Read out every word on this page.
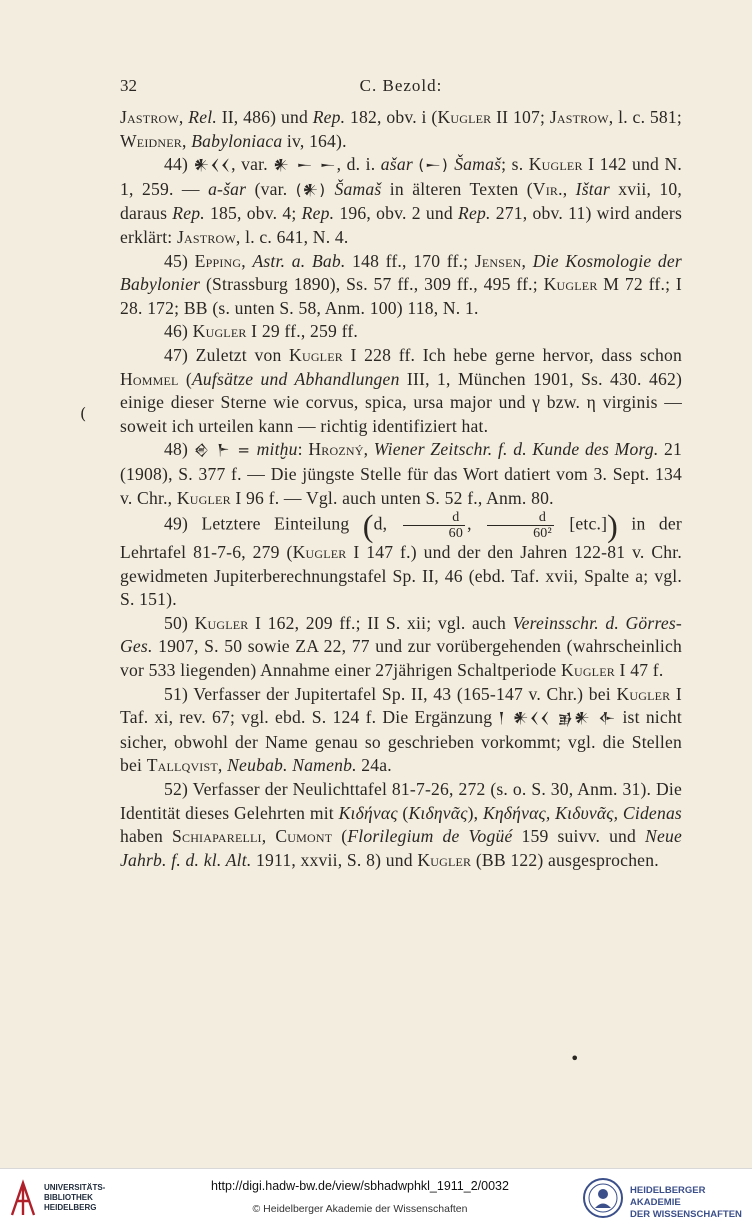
32	C. Bezold:
(

Jastrow, Rel. II, 486) und Rep. 182, obv. i (Kugler II 107; Jastrow, l. c. 581; Weidner, Babyloniaca iv, 164).

44) 𒀭𒌋𒌋, var. 𒀭 𒀸 𒀸, d. i. ašar (𒀸) Šamaš; s. Kugler I 142 und N. 1, 259. — a-šar (var. (𒀭) Šamaš in älteren Texten (Vir., Ištar xvii, 10, daraus Rep. 185, obv. 4; Rep. 196, obv. 2 und Rep. 271, obv. 11) wird anders erklärt: Jastrow, l. c. 641, N. 4.

45) Epping, Astr. a. Bab. 148 ff., 170 ff.; Jensen, Die Kosmologie der Babylonier (Strassburg 1890), Ss. 57 ff., 309 ff., 495 ff.; Kugler M 72 ff.; I 28. 172; BB (s. unten S. 58, Anm. 100) 118, N. 1.

46) Kugler I 29 ff., 259 ff.

47) Zuletzt von Kugler I 228 ff. Ich hebe gerne hervor, dass schon Hommel (Aufsätze und Abhandlungen III, 1, München 1901, Ss. 430. 462) einige dieser Sterne wie corvus, spica, ursa major und γ bzw. η virginis — soweit ich urteilen kann — richtig identifiziert hat.

48) 𒄴 𒈨 = mitḫu: Hrozný, Wiener Zeitschr. f. d. Kunde des Morg. 21 (1908), S. 377 f. — Die jüngste Stelle für das Wort datiert vom 3. Sept. 134 v. Chr., Kugler I 96 f. — Vgl. auch unten S. 52 f., Anm. 80.

49) Letztere Einteilung (d, $\frac{d}{60}$ , $\frac{d}{\text{60²}} [etc.]$) in der Lehrtafel 81-7-6, 279 (Kugler I 147 f.) und der den Jahren 122-81 v. Chr. gewidmeten Jupiterberechnungstafel Sp. II, 46 (ebd. Taf. xvii, Spalte a; vgl. S. 151).

50) Kugler I 162, 209 ff.; II S. xii; vgl. auch Vereinsschr. d. Görres-Ges. 1907, S. 50 sowie ZA 22, 77 und zur vorübergehenden (wahrscheinlich vor 533 liegenden) Annahme einer 27jährigen Schaltperiode Kugler I 47 f.

51) Verfasser der Jupitertafel Sp. II, 43 (165-147 v. Chr.) bei Kugler I Taf. xi, rev. 67; vgl. ebd. S. 124 f. Die Ergänzung 𒁹 𒀭𒌋𒌋 𒂊𒀭 𒅆 ist nicht sicher, obwohl der Name genau so geschrieben vorkommt; vgl. die Stellen bei Tallqvist, Neubab. Namenb. 24a.

52) Verfasser der Neulichttafel 81-7-26, 272 (s. o. S. 30, Anm. 31). Die Identität dieses Gelehrten mit Κιδήνας (Κιδηνᾶς), Κηδήνας, Κιδυνᾶς, Cidenas haben Schiaparelli, Cumont (Florilegium de Vogüé 159 suivv. und Neue Jahrb. f. d. kl. Alt. 1911, xxvii, S. 8) und Kugler (BB 122) ausgesprochen.

•
UNIVERSITÄTS-
BIBLIOTHEK
HEIDELBERG
http://digi.hadw-bw.de/view/sbhadwphkl_1911_2/0032
© Heidelberger Akademie der Wissenschaften
HEIDELBERGER AKADEMIE
DER WISSENSCHAFTEN
